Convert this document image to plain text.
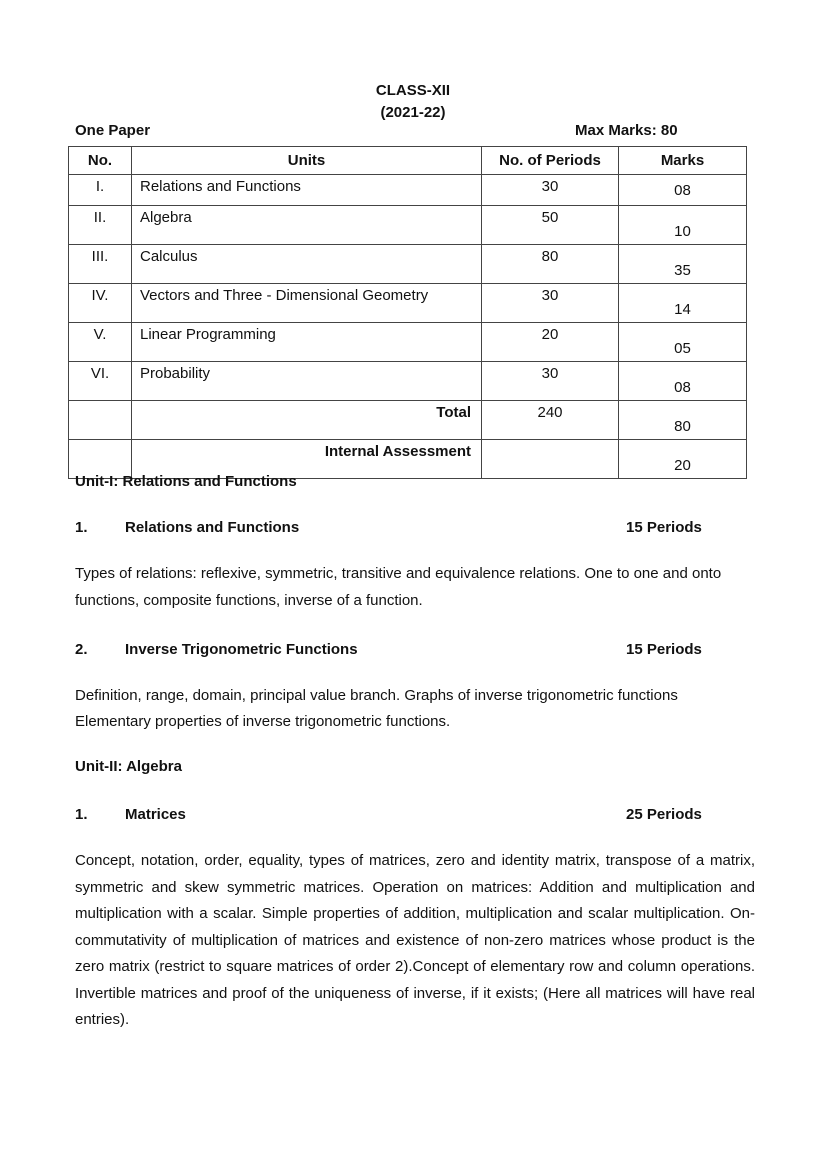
CLASS-XII
(2021-22)
One Paper	Max Marks: 80
No.	Units	No. of Periods	Marks
I.	Relations and Functions	30	08
II.	Algebra	50	10
III.	Calculus	80	35
IV.	Vectors and Three - Dimensional Geometry	30	14
V.	Linear Programming	20	05
VI.	Probability	30	08
	Total	240	80
	Internal Assessment		20
Unit-I: Relations and Functions
1. Relations and Functions	15 Periods
Types of relations: reflexive, symmetric, transitive and equivalence relations. One to one and onto functions, composite functions, inverse of a function.
2. Inverse Trigonometric Functions	15 Periods
Definition, range, domain, principal value branch. Graphs of inverse trigonometric functions
Elementary properties of inverse trigonometric functions.
Unit-II: Algebra
1. Matrices	25 Periods
Concept, notation, order, equality, types of matrices, zero and identity matrix, transpose of a matrix, symmetric and skew symmetric matrices. Operation on matrices: Addition and multiplication and multiplication with a scalar. Simple properties of addition, multiplication and scalar multiplication. On-commutativity of multiplication of matrices and existence of non-zero matrices whose product is the zero matrix (restrict to square matrices of order 2).Concept of elementary row and column operations. Invertible matrices and proof of the uniqueness of inverse, if it exists; (Here all matrices will have real entries).
